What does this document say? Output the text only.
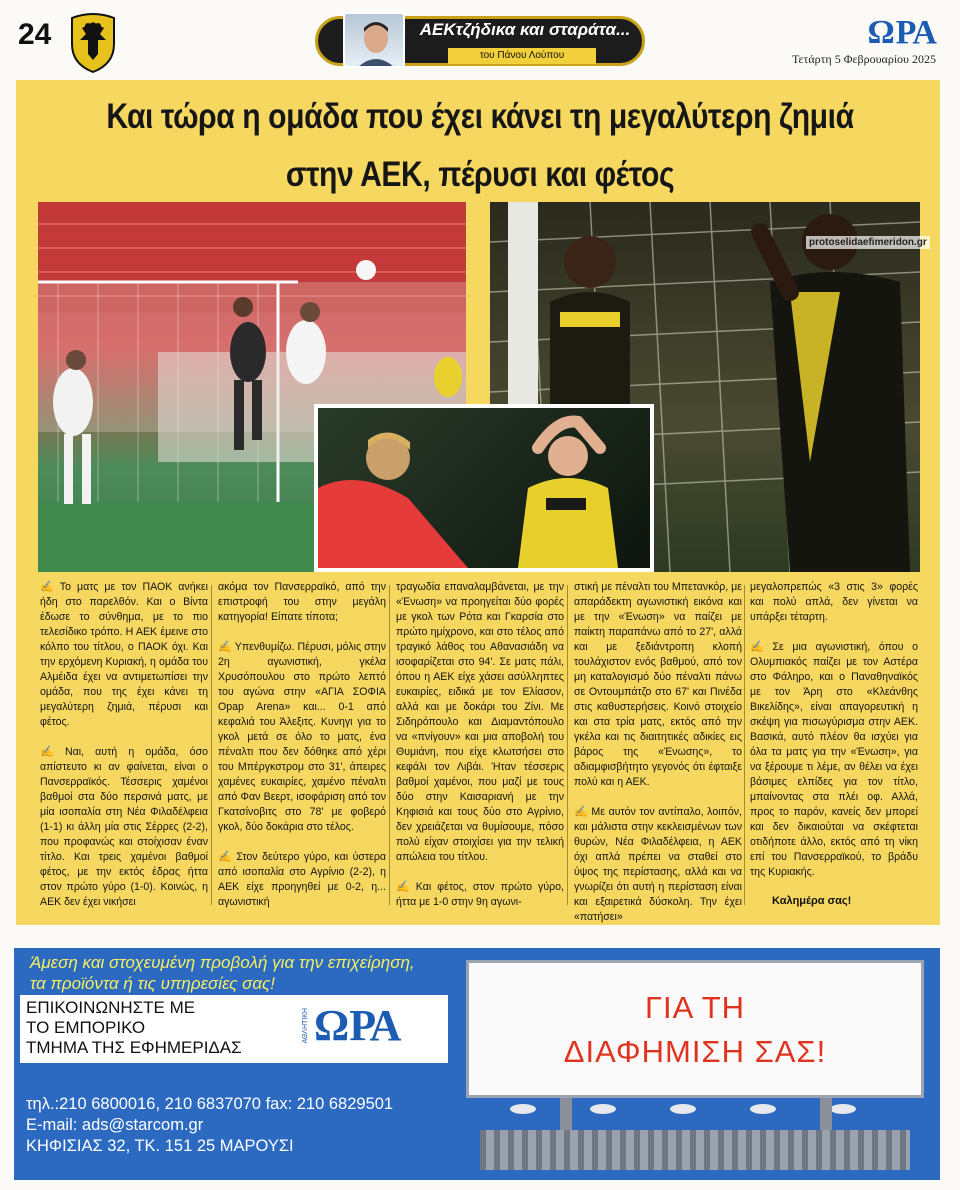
24	ΑΕΚτζήδικα και σταράτα...
του Πάνου Λούπου
ΩΡΑ
Τετάρτη 5 Φεβρουαρίου 2025
Και τώρα η ομάδα που έχει κάνει τη μεγαλύτερη ζημιά
στην ΑΕΚ, πέρυσι και φέτος
protoselidaefimeridon.gr

✍ Το ματς με τον ΠΑΟΚ ανήκει ήδη στο παρελθόν. Και ο Βίντα έδωσε το σύνθημα, με το πιο τελεσίδικο τρόπο. Η ΑΕΚ έμεινε στο κόλπο του τίτλου, ο ΠΑΟΚ όχι. Και την ερχόμενη Κυριακή, η ομάδα του Αλμέιδα έχει να αντιμετωπίσει την ομάδα, που της έχει κάνει τη μεγαλύτερη ζημιά, πέρυσι και φέτος.

✍ Ναι, αυτή η ομάδα, όσο απίστευτο κι αν φαίνεται, είναι ο Πανσερραϊκός. Τέσσερις χαμένοι βαθμοί στα δύο περσινά ματς, με μία ισοπαλία στη Νέα Φιλαδέλφεια (1-1) κι άλλη μία στις Σέρρες (2-2), που προφανώς και στοίχισαν έναν τίτλο. Και τρεις χαμένοι βαθμοί φέτος, με την εκτός έδρας ήττα στον πρώτο γύρο (1-0). Κοινώς, η ΑΕΚ δεν έχει νικήσει

ακόμα τον Πανσερραϊκό, από την επιστροφή του στην μεγάλη κατηγορία! Είπατε τίποτα;

✍ Υπενθυμίζω. Πέρυσι, μόλις στην 2η αγωνιστική, γκέλα Χρυσόπουλου στο πρώτο λεπτό του αγώνα στην «ΑΓΙΑ ΣΟΦΙΑ Opap Arena» και... 0-1 από κεφαλιά του Άλεξιτς. Κυνηγι για το γκολ μετά σε όλο το ματς, ένα πέναλτι που δεν δόθηκε από χέρι του Μπέργκστρομ στο 31', άπειρες χαμένες ευκαιρίες, χαμένο πέναλτι από Φαν Βεερτ, ισοφάριση από τον Γκατσίνοβιτς στο 78' με φοβερό γκολ, δύο δοκάρια στο τέλος.

✍ Στον δεύτερο γύρο, και ύστερα από ισοπαλία στο Αγρίνιο (2-2), η ΑΕΚ είχε προηγηθεί με 0-2, η... αγωνιστική

τραγωδία επαναλαμβάνεται, με την «Ένωση» να προηγείται δύο φορές με γκολ των Ρότα και Γκαρσία στο πρώτο ημίχρονο, και στο τέλος από τραγικό λάθος του Αθανασιάδη να ισοφαρίζεται στο 94'. Σε ματς πάλι, όπου η ΑΕΚ είχε χάσει ασύλληπτες ευκαιρίες, ειδικά με τον Ελίασον, αλλά και με δοκάρι του Ζίνι. Με Σιδηρόπουλο και Διαμαντόπουλο να «πνίγουν» και μια αποβολή του Θυμιάνη, που είχε κλωτσήσει στο κεφάλι τον Λιβάι. Ήταν τέσσερις βαθμοί χαμένοι, που μαζί με τους δύο στην Καισαριανή με την Κηφισιά και τους δύο στο Αγρίνιο, δεν χρειάζεται να θυμίσουμε, πόσο πολύ είχαν στοιχίσει για την τελική απώλεια του τίτλου.

✍ Και φέτος, στον πρώτο γύρο, ήττα με 1-0 στην 9η αγωνι-

στική με πέναλτι του Μπετανκόρ, με απαράδεκτη αγωνιστική εικόνα και με την «Ένωση» να παίζει με παίκτη παραπάνω από το 27', αλλά και με ξεδιάντροπη κλοπή τουλάχιστον ενός βαθμού, από τον μη καταλογισμό δύο πέναλτι πάνω σε Οντουμπάτζο στο 67' και Πινέδα στις καθυστερήσεις. Κοινό στοιχείο και στα τρία ματς, εκτός από την γκέλα και τις διαιτητικές αδικίες εις βάρος της «Ένωσης», το αδιαμφισβήτητο γεγονός ότι έφταιξε πολύ και η ΑΕΚ.

✍ Με αυτόν τον αντίπαλο, λοιπόν, και μάλιστα στην κεκλεισμένων των θυρών, Νέα Φιλαδέλφεια, η ΑΕΚ όχι απλά πρέπει να σταθεί στο ύψος της περίστασης, αλλά και να γνωρίζει ότι αυτή η περίσταση είναι και εξαιρετικά δύσκολη. Την έχει «πατήσει»

μεγαλοπρεπώς «3 στις 3» φορές και πολύ απλά, δεν γίνεται να υπάρξει τέταρτη.

✍ Σε μια αγωνιστική, όπου ο Ολυμπιακός παίζει με τον Αστέρα στο Φάληρο, και ο Παναθηναϊκός με τον Άρη στο «Κλεάνθης Βικελίδης», είναι απαγορευτική η σκέψη για πισωγύρισμα στην ΑΕΚ. Βασικά, αυτό πλέον θα ισχύει για όλα τα ματς για την «Ένωση», για να ξέρουμε τι λέμε, αν θέλει να έχει βάσιμες ελπίδες για τον τίτλο, μπαίνοντας στα πλέι οφ. Αλλά, προς το παρόν, κανείς δεν μπορεί και δεν δικαιούται να σκέφτεται οτιδήποτε άλλο, εκτός από τη νίκη επί του Πανσερραϊκού, το βράδυ της Κυριακής.

Καλημέρα σας!
Άμεση και στοχευμένη προβολή για την επιχείρηση,
τα προϊόντα ή τις υπηρεσίες σας!
ΕΠΙΚΟΙΝΩΝΗΣΤΕ ΜΕ
ΤΟ ΕΜΠΟΡΙΚΟ
ΤΜΗΜΑ ΤΗΣ ΕΦΗΜΕΡΙΔΑΣ
ΑΘΛΗΤΙΚΗ ΩΡΑ
τηλ.:210 6800016, 210 6837070 fax: 210 6829501
E-mail: ads@starcom.gr
ΚΗΦΙΣΙΑΣ 32, ΤΚ. 151 25 ΜΑΡΟΥΣΙ
ΓΙΑ ΤΗ
ΔΙΑΦΗΜΙΣΗ ΣΑΣ!
